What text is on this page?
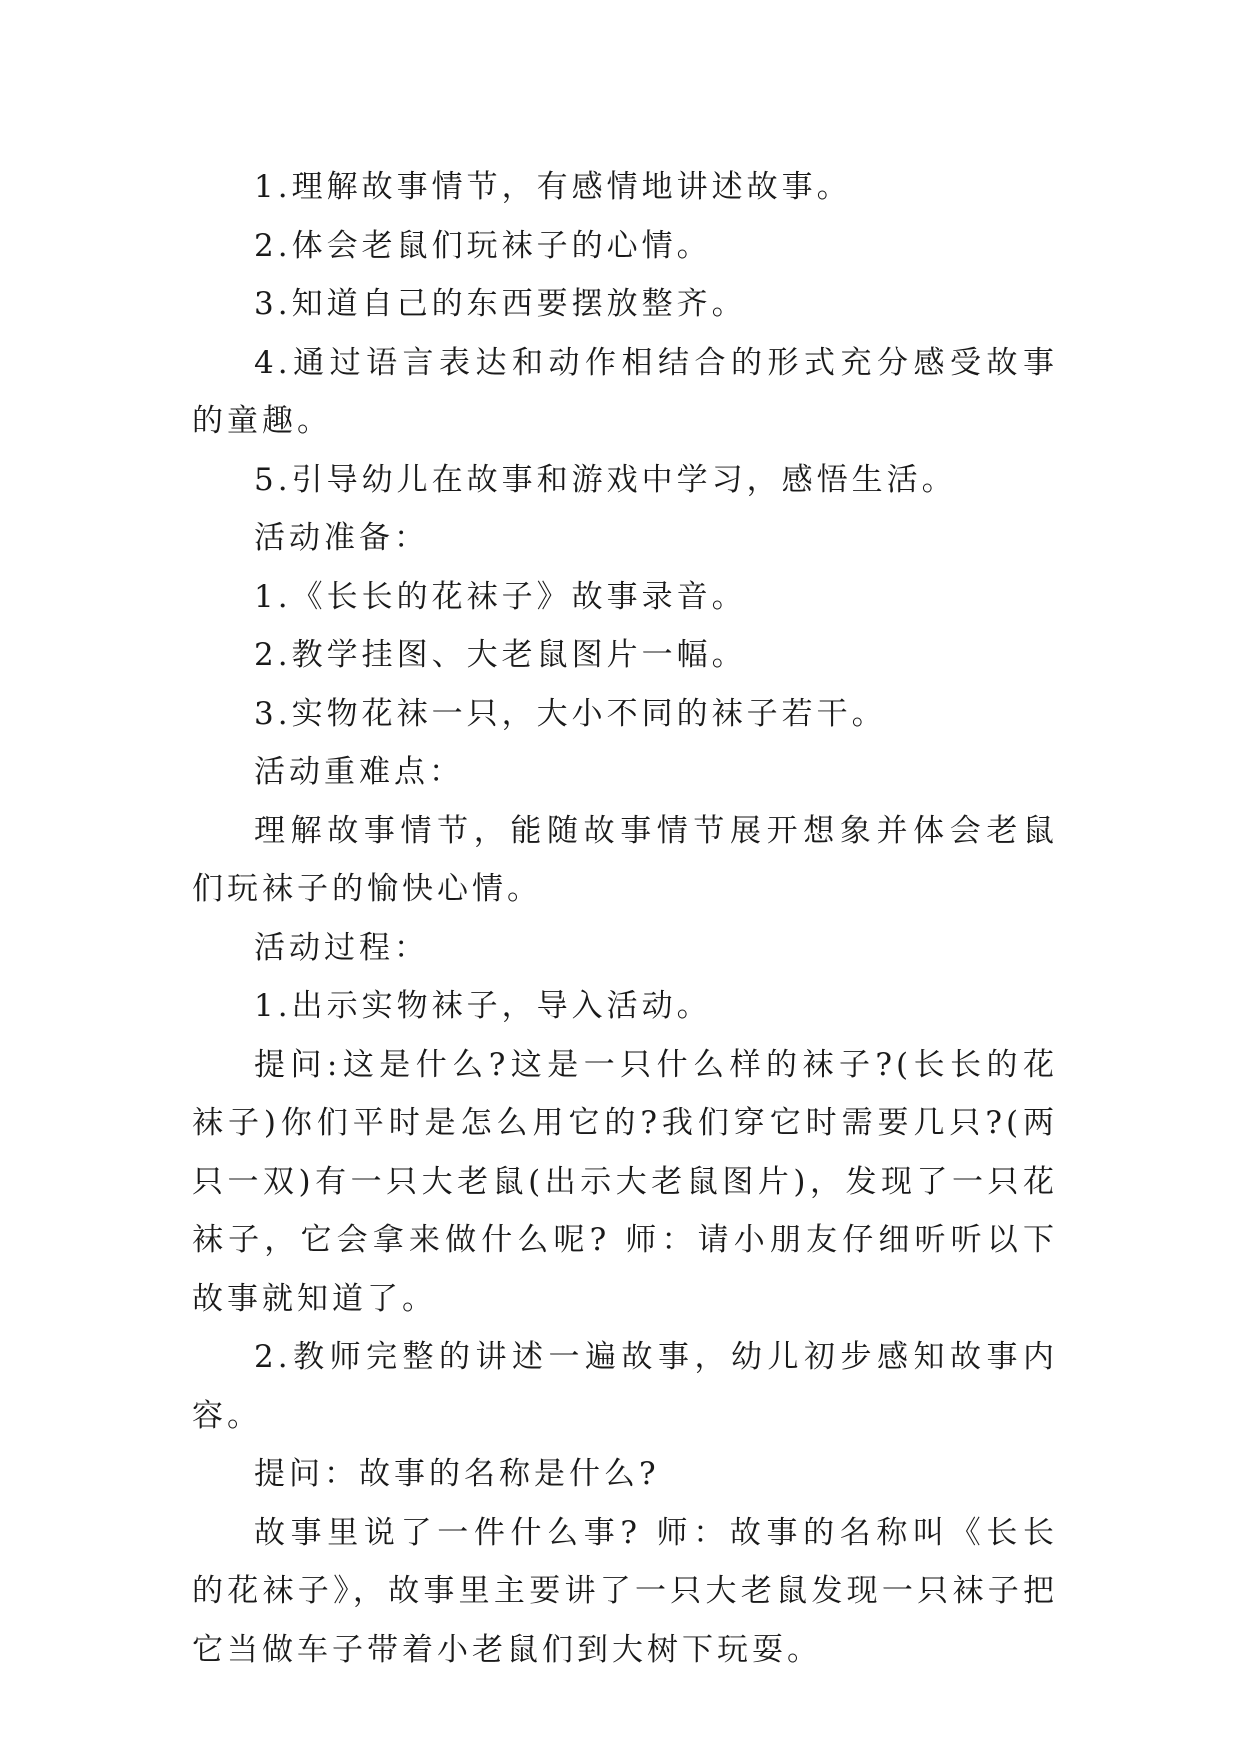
1.理解故事情节，有感情地讲述故事。

2.体会老鼠们玩袜子的心情。

3.知道自己的东西要摆放整齐。

4.通过语言表达和动作相结合的形式充分感受故事的童趣。

5.引导幼儿在故事和游戏中学习，感悟生活。

活动准备：

1.《长长的花袜子》故事录音。

2.教学挂图、大老鼠图片一幅。

3.实物花袜一只，大小不同的袜子若干。

活动重难点：

理解故事情节，能随故事情节展开想象并体会老鼠们玩袜子的愉快心情。

活动过程：

1.出示实物袜子，导入活动。

提问:这是什么?这是一只什么样的袜子?(长长的花袜子)你们平时是怎么用它的?我们穿它时需要几只?(两只一双)有一只大老鼠(出示大老鼠图片)，发现了一只花袜子，它会拿来做什么呢? 师：请小朋友仔细听听以下故事就知道了。

2.教师完整的讲述一遍故事，幼儿初步感知故事内容。

提问：故事的名称是什么?

故事里说了一件什么事? 师：故事的名称叫《长长的花袜子》，故事里主要讲了一只大老鼠发现一只袜子把它当做车子带着小老鼠们到大树下玩耍。
